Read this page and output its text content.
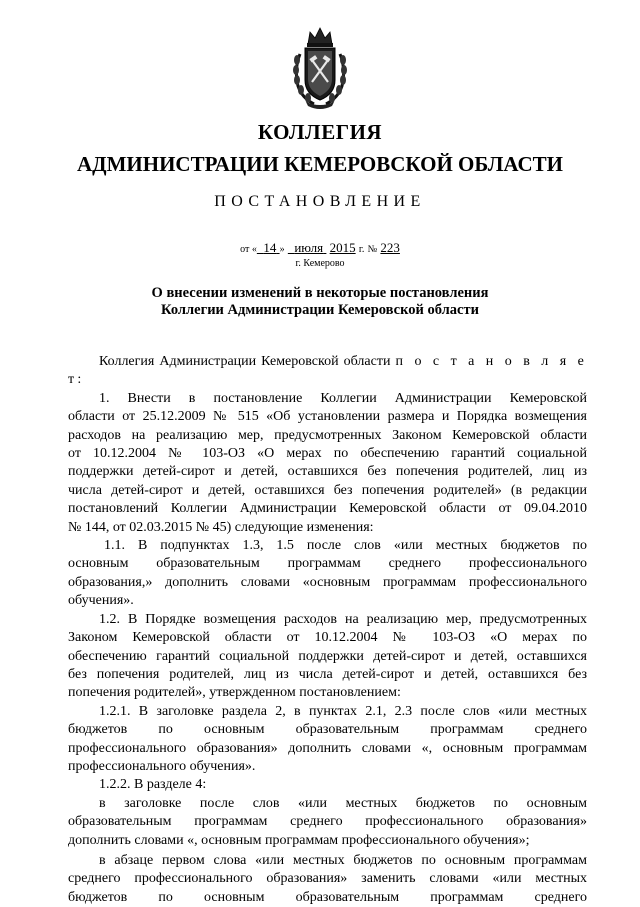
КОЛЛЕГИЯ
АДМИНИСТРАЦИИ КЕМЕРОВСКОЙ ОБЛАСТИ
ПОСТАНОВЛЕНИЕ
от « 14 » июля 2015 г. № 223
г. Кемерово
О внесении изменений в некоторые постановления
Коллегии Администрации Кемеровской области

Коллегия Администрации Кемеровской области п о с т а н о в л я е т:

1. Внести в постановление Коллегии Администрации Кемеровской

области от 25.12.2009 № 515 «Об установлении размера и Порядка возмещения

расходов на реализацию мер, предусмотренных Законом Кемеровской области

от 10.12.2004 № 103-ОЗ «О мерах по обеспечению гарантий социальной

поддержки детей-сирот и детей, оставшихся без попечения родителей, лиц из

числа детей-сирот и детей, оставшихся без попечения родителей» (в редакции

постановлений Коллегии Администрации Кемеровской области от 09.04.2010

№ 144, от 02.03.2015 № 45) следующие изменения:

1.1. В подпунктах 1.3, 1.5 после слов «или местных бюджетов по

основным образовательным программам среднего профессионального

образования,» дополнить словами «основным программам профессионального

обучения».

1.2. В Порядке возмещения расходов на реализацию мер, предусмотренных

Законом Кемеровской области от 10.12.2004 № 103-ОЗ «О мерах по

обеспечению гарантий социальной поддержки детей-сирот и детей, оставшихся

без попечения родителей, лиц из числа детей-сирот и детей, оставшихся без

попечения родителей», утвержденном постановлением:

1.2.1. В заголовке раздела 2, в пунктах 2.1, 2.3 после слов «или местных

бюджетов по основным образовательным программам среднего

профессионального образования» дополнить словами «, основным программам

профессионального обучения».

1.2.2. В разделе 4:

в заголовке после слов «или местных бюджетов по основным

образовательным программам среднего профессионального образования»

дополнить словами «, основным программам профессионального обучения»;

в абзаце первом слова «или местных бюджетов по основным программам

среднего профессионального образования» заменить словами «или местных

бюджетов по основным образовательным программам среднего
